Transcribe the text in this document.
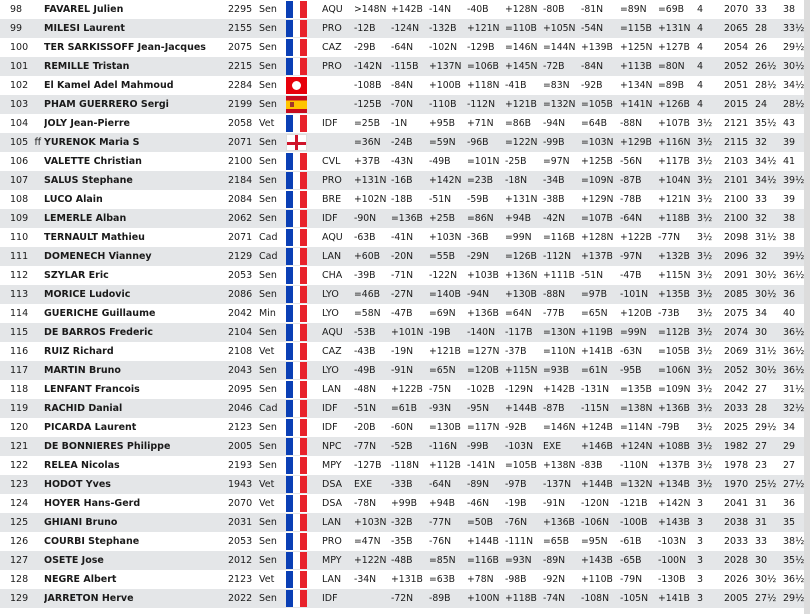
98		FAVAREL Julien	2295	Sen		AQU	>148N	+142B	-14N	-40B	+128N	-80B	-81N	=89N	=69B	4	2070	33	38
99		MILESI Laurent	2155	Sen		PRO	-12B	-124N	-132B	+121N	=110B	+105N	-54N	=115B	+131N	4	2065	28	33½
100		TER SARKISSOFF Jean-Jacques	2075	Sen		CAZ	-29B	-64N	-102N	-129B	=146N	=144N	+139B	+125N	+127B	4	2054	26	29½
101		REMILLE Tristan	2215	Sen		PRO	-142N	-115B	+137N	=106B	+145N	-72B	-84N	+113B	=80N	4	2052	26½	30½
102		El Kamel Adel Mahmoud	2284	Sen			-108B	-84N	+100B	+118N	-41B	=83N	-92B	+134N	=89B	4	2051	28½	34½
103		PHAM GUERRERO Sergi	2199	Sen			-125B	-70N	-110B	-112N	+121B	=132N	=105B	+141N	+126B	4	2015	24	28½
104		JOLY Jean-Pierre	2058	Vet		IDF	=25B	-1N	+95B	+71N	=86B	-94N	=64B	-88N	+107B	3½	2121	35½	43
105	ff	YURENOK Maria S	2071	Sen			=36N	-24B	=59N	-96B	=122N	-99B	=103N	+129B	+116N	3½	2115	32	39
106		VALETTE Christian	2100	Sen		CVL	+37B	-43N	-49B	=101N	-25B	=97N	+125B	-56N	+117B	3½	2103	34½	41
107		SALUS Stephane	2184	Sen		PRO	+131N	-16B	+142N	=23B	-18N	-34B	=109N	-87B	+104N	3½	2101	34½	39½
108		LUCO Alain	2084	Sen		BRE	+102N	-18B	-51N	-59B	+131N	-38B	+129N	-78B	+121N	3½	2100	33	39
109		LEMERLE Alban	2062	Sen		IDF	-90N	=136B	+25B	=86N	+94B	-42N	=107B	-64N	+118B	3½	2100	32	38
110		TERNAULT Mathieu	2071	Cad		AQU	-63B	-41N	+103N	-36B	=99N	=116B	+128N	+122B	-77N	3½	2098	31½	38
111		DOMENECH Vianney	2129	Cad		LAN	+60B	-20N	=55B	-29N	=126B	-112N	+137B	-97N	+132B	3½	2096	32	39½
112		SZYLAR Eric	2053	Sen		CHA	-39B	-71N	-122N	+103B	+136N	+111B	-51N	-47B	+115N	3½	2091	30½	36½
113		MORICE Ludovic	2086	Sen		LYO	=46B	-27N	=140B	-94N	+130B	-88N	=97B	-101N	+135B	3½	2085	30½	36
114		GUERICHE Guillaume	2042	Min		LYO	=58N	-47B	=69N	+136B	=64N	-77B	=65N	+120B	-73B	3½	2075	34	40
115		DE BARROS Frederic	2104	Sen		AQU	-53B	+101N	-19B	-140N	-117B	=130N	+119B	=99N	=112B	3½	2074	30	36½
116		RUIZ Richard	2108	Vet		CAZ	-43B	-19N	+121B	=127N	-37B	=110N	+141B	-63N	=105B	3½	2069	31½	36½
117		MARTIN Bruno	2043	Sen		LYO	-49B	-91N	=65N	=120B	+115N	=93B	=61N	-95B	=106N	3½	2052	30½	36½
118		LENFANT Francois	2095	Sen		LAN	-48N	+122B	-75N	-102B	-129N	+142B	-131N	=135B	=109N	3½	2042	27	31½
119		RACHID Danial	2046	Cad		IDF	-51N	=61B	-93N	-95N	+144B	-87B	-115N	=138N	+136B	3½	2033	28	32½
120		PICARDA Laurent	2123	Sen		IDF	-20B	-60N	=130B	=117N	-92B	=146N	+124B	=114N	-79B	3½	2025	29½	34
121		DE BONNIERES Philippe	2005	Sen		NPC	-77N	-52B	-116N	-99B	-103N	EXE	+146B	+124N	+108B	3½	1982	27	29
122		RELEA Nicolas	2193	Sen		MPY	-127B	-118N	+112B	-141N	=105B	+138N	-83B	-110N	+137B	3½	1978	23	27
123		HODOT Yves	1943	Vet		DSA	EXE	-33B	-64N	-89N	-97B	-137N	+144B	=132N	+134B	3½	1970	25½	27½
124		HOYER Hans-Gerd	2070	Vet		DSA	-78N	+99B	+94B	-46N	-19B	-91N	-120N	-121B	+142N	3	2041	31	36
125		GHIANI Bruno	2031	Sen		LAN	+103N	-32B	-77N	=50B	-76N	+136B	-106N	-100B	+143B	3	2038	31	35
126		COURBI Stephane	2053	Sen		PRO	=47N	-35B	-76N	+144B	-111N	=65B	=95N	-61B	-103N	3	2033	33	38½
127		OSETE Jose	2012	Sen		MPY	+122N	-48B	=85N	=116B	=93N	-89N	+143B	-65B	-100N	3	2028	30	35½
128		NEGRE Albert	2123	Vet		LAN	-34N	+131B	=63B	+78N	-98B	-92N	+110B	-79N	-130B	3	2026	30½	36½
129		JARRETON Herve	2022	Sen		IDF		-72N	-89B	+100N	+118B	-74N	-108N	-105N	+141B	3	2005	27½	29½
